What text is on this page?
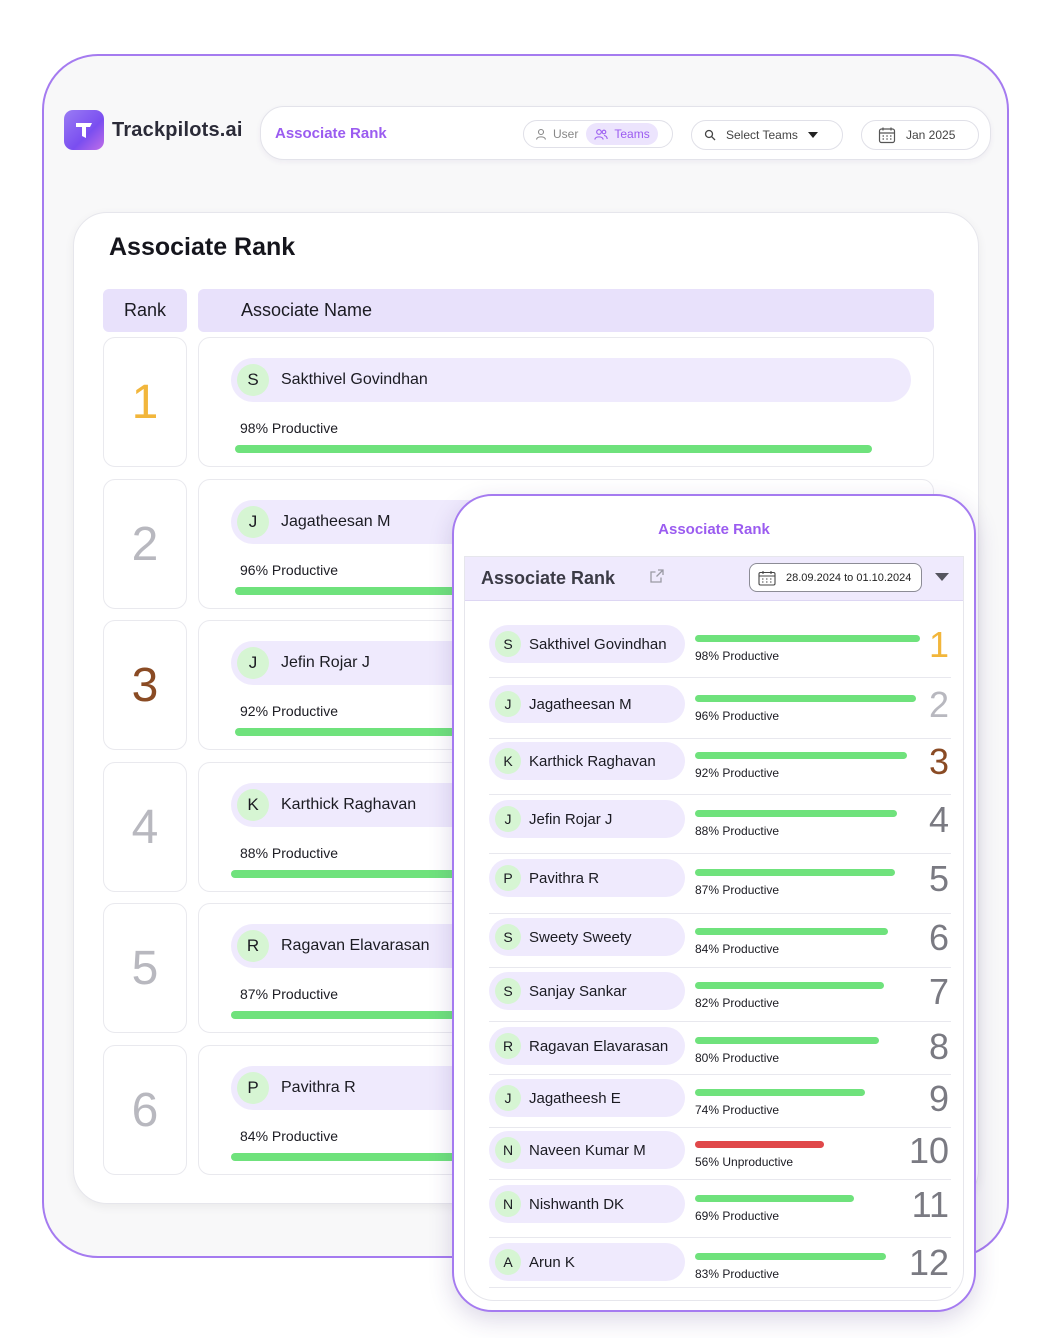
Trackpilots.ai Associate Rank	User	Teams	Select Teams	Jan 2025
Associate Rank
Rank	Associate Name
1	S	Sakthivel Govindhan
98% Productive
2	J	Jagatheesan M
96% Productive
3	J	Jefin Rojar J
92% Productive
4	K	Karthick Raghavan
88% Productive
5	R	Ragavan Elavarasan
87% Productive
6	P	Pavithra R
84% Productive
Associate Rank
Associate Rank	28.09.2024 to 01.10.2024
S	Sakthivel Govindhan
98% Productive	1
J	Jagatheesan M
96% Productive	2
K	Karthick Raghavan
92% Productive	3
J	Jefin Rojar J
88% Productive	4
P	Pavithra R
87% Productive	5
S	Sweety Sweety
84% Productive	6
S	Sanjay Sankar
82% Productive	7
R	Ragavan Elavarasan
80% Productive	8
J	Jagatheesh E
74% Productive	9
N	Naveen Kumar M
56% Unproductive	10
N	Nishwanth DK
69% Productive	11
A	Arun K
83% Productive	12
